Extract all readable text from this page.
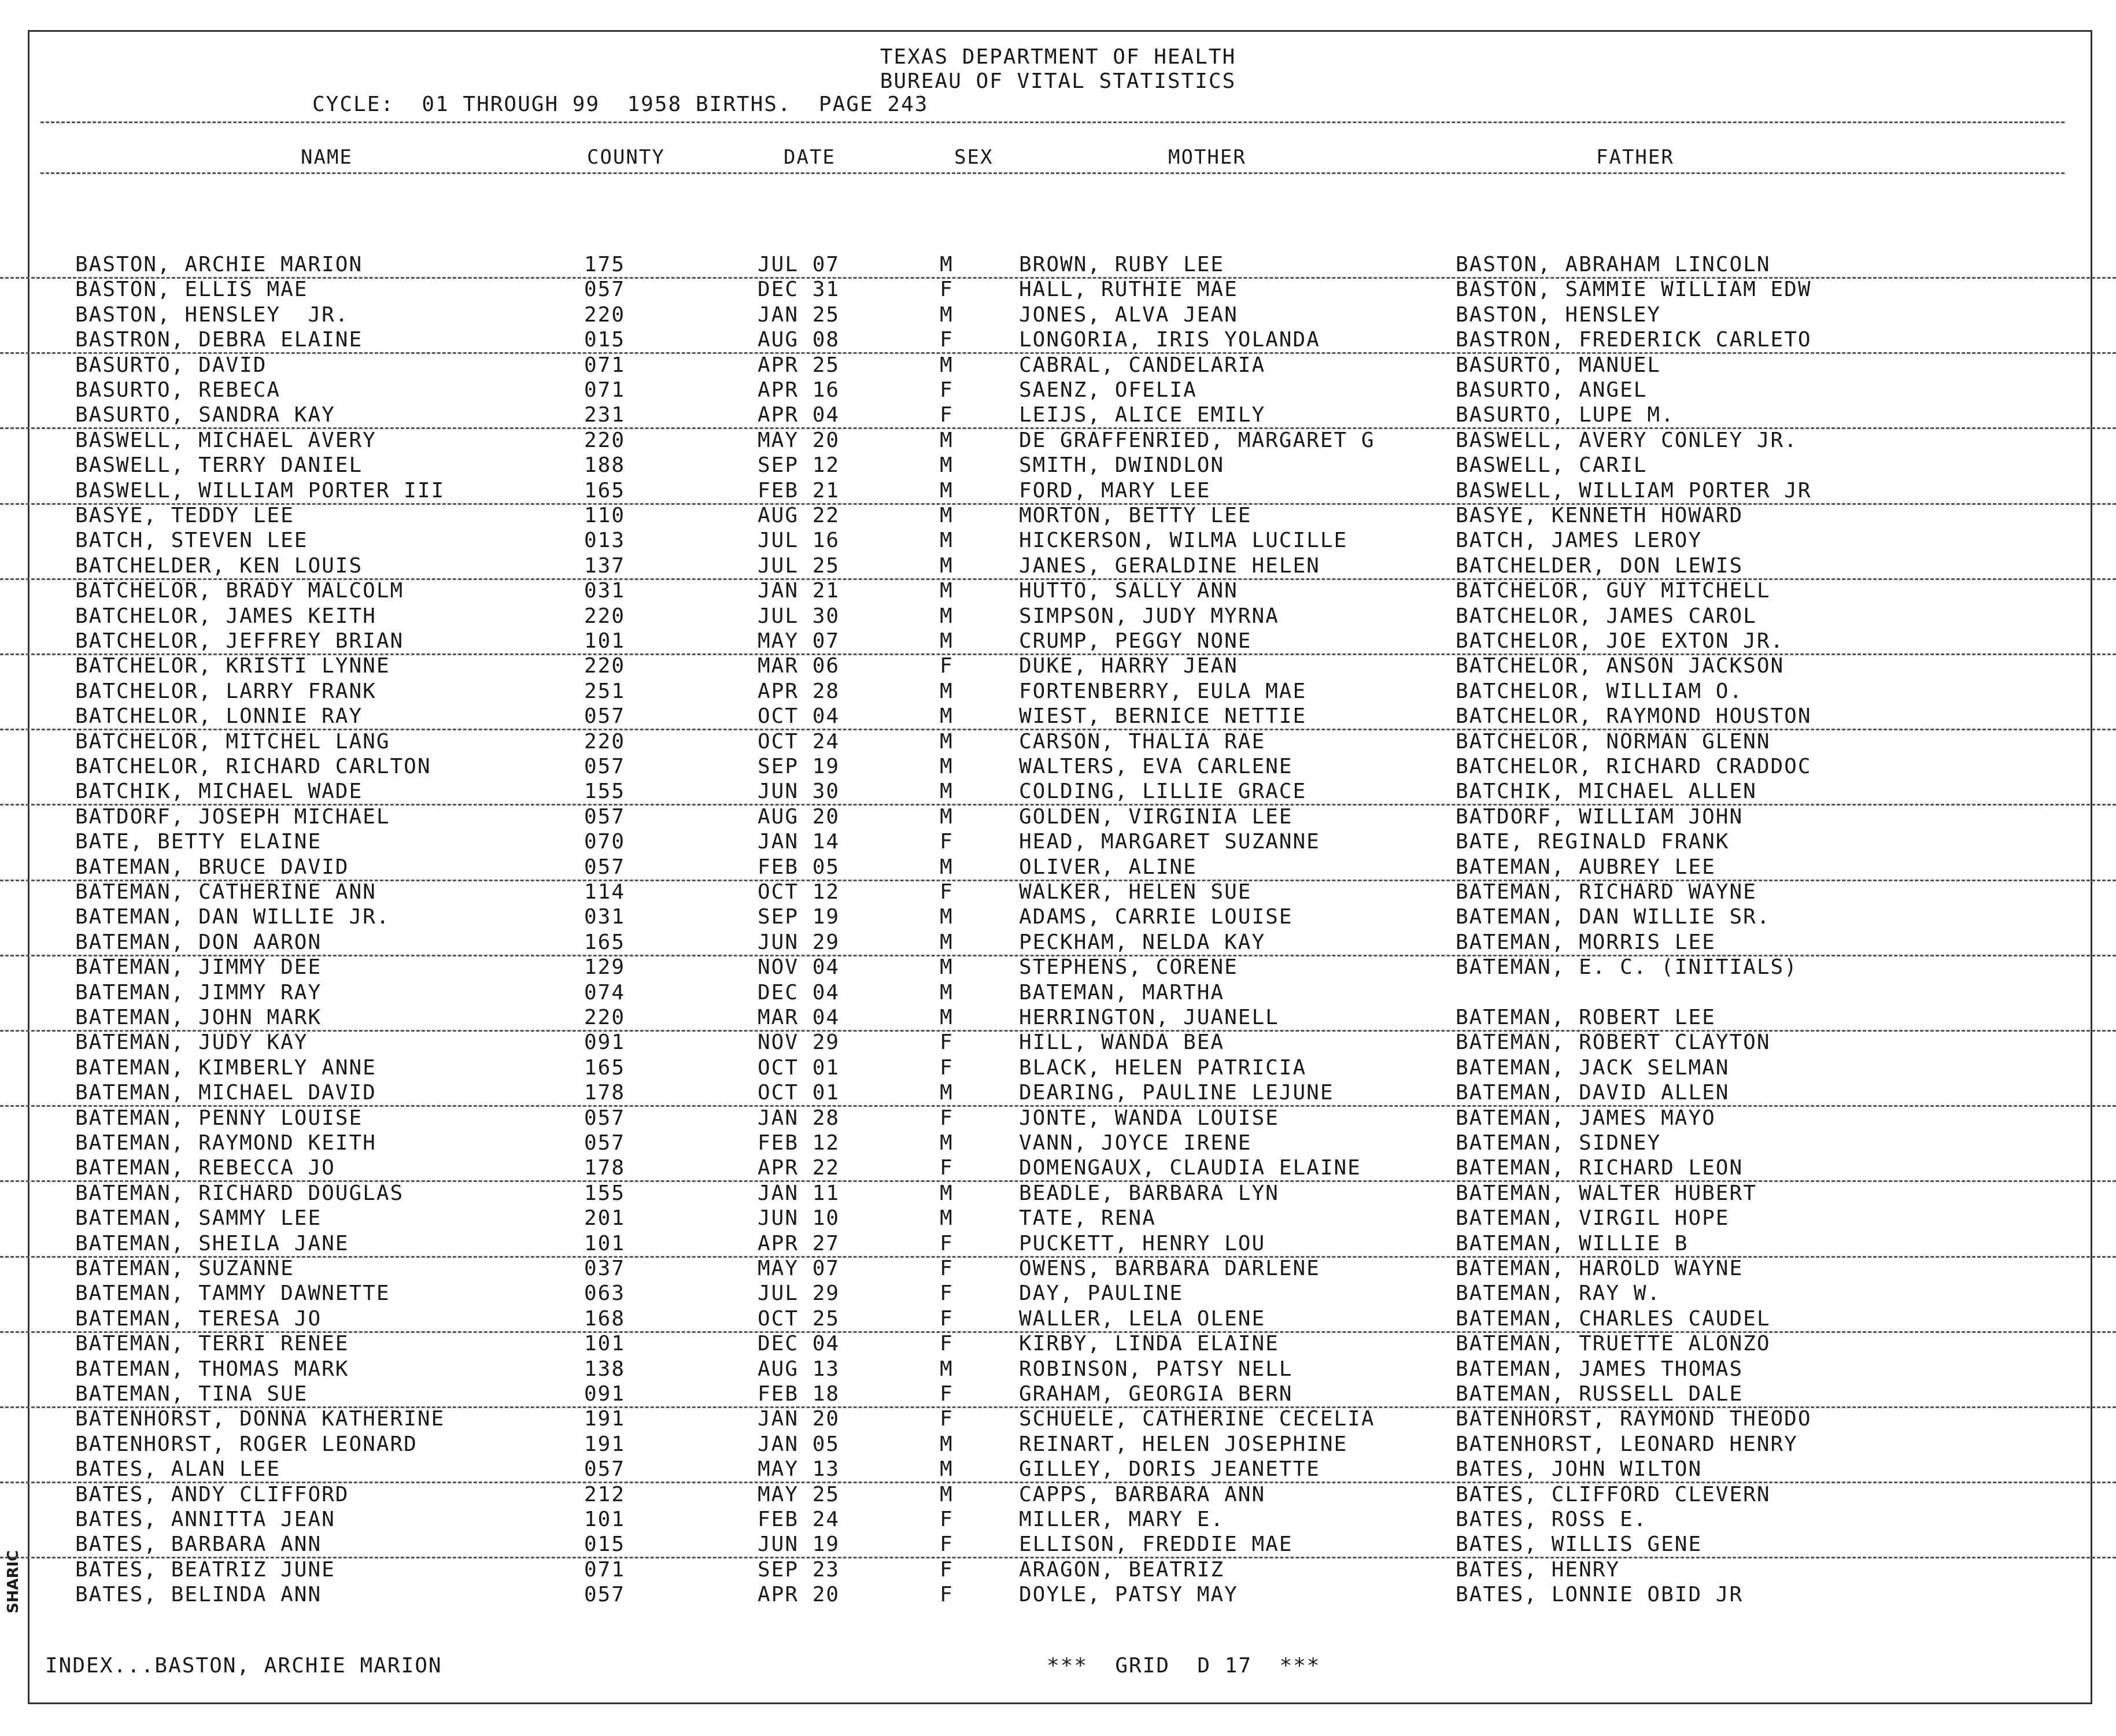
SHARIC
TEXAS DEPARTMENT OF HEALTH
BUREAU OF VITAL STATISTICS
CYCLE:  01 THROUGH 99  1958 BIRTHS.  PAGE 243
NAME	COUNTY	DATE	SEX	MOTHER	FATHER
BASTON, ARCHIE MARION	175	JUL 07	M	BROWN, RUBY LEE	BASTON, ABRAHAM LINCOLN
BASTON, ELLIS MAE	057	DEC 31	F	HALL, RUTHIE MAE	BASTON, SAMMIE WILLIAM EDW
BASTON, HENSLEY  JR.	220	JAN 25	M	JONES, ALVA JEAN	BASTON, HENSLEY
BASTRON, DEBRA ELAINE	015	AUG 08	F	LONGORIA, IRIS YOLANDA	BASTRON, FREDERICK CARLETO
BASURTO, DAVID	071	APR 25	M	CABRAL, CANDELARIA	BASURTO, MANUEL
BASURTO, REBECA	071	APR 16	F	SAENZ, OFELIA	BASURTO, ANGEL
BASURTO, SANDRA KAY	231	APR 04	F	LEIJS, ALICE EMILY	BASURTO, LUPE M.
BASWELL, MICHAEL AVERY	220	MAY 20	M	DE GRAFFENRIED, MARGARET G	BASWELL, AVERY CONLEY JR.
BASWELL, TERRY DANIEL	188	SEP 12	M	SMITH, DWINDLON	BASWELL, CARIL
BASWELL, WILLIAM PORTER III	165	FEB 21	M	FORD, MARY LEE	BASWELL, WILLIAM PORTER JR
BASYE, TEDDY LEE	110	AUG 22	M	MORTON, BETTY LEE	BASYE, KENNETH HOWARD
BATCH, STEVEN LEE	013	JUL 16	M	HICKERSON, WILMA LUCILLE	BATCH, JAMES LEROY
BATCHELDER, KEN LOUIS	137	JUL 25	M	JANES, GERALDINE HELEN	BATCHELDER, DON LEWIS
BATCHELOR, BRADY MALCOLM	031	JAN 21	M	HUTTO, SALLY ANN	BATCHELOR, GUY MITCHELL
BATCHELOR, JAMES KEITH	220	JUL 30	M	SIMPSON, JUDY MYRNA	BATCHELOR, JAMES CAROL
BATCHELOR, JEFFREY BRIAN	101	MAY 07	M	CRUMP, PEGGY NONE	BATCHELOR, JOE EXTON JR.
BATCHELOR, KRISTI LYNNE	220	MAR 06	F	DUKE, HARRY JEAN	BATCHELOR, ANSON JACKSON
BATCHELOR, LARRY FRANK	251	APR 28	M	FORTENBERRY, EULA MAE	BATCHELOR, WILLIAM O.
BATCHELOR, LONNIE RAY	057	OCT 04	M	WIEST, BERNICE NETTIE	BATCHELOR, RAYMOND HOUSTON
BATCHELOR, MITCHEL LANG	220	OCT 24	M	CARSON, THALIA RAE	BATCHELOR, NORMAN GLENN
BATCHELOR, RICHARD CARLTON	057	SEP 19	M	WALTERS, EVA CARLENE	BATCHELOR, RICHARD CRADDOC
BATCHIK, MICHAEL WADE	155	JUN 30	M	COLDING, LILLIE GRACE	BATCHIK, MICHAEL ALLEN
BATDORF, JOSEPH MICHAEL	057	AUG 20	M	GOLDEN, VIRGINIA LEE	BATDORF, WILLIAM JOHN
BATE, BETTY ELAINE	070	JAN 14	F	HEAD, MARGARET SUZANNE	BATE, REGINALD FRANK
BATEMAN, BRUCE DAVID	057	FEB 05	M	OLIVER, ALINE	BATEMAN, AUBREY LEE
BATEMAN, CATHERINE ANN	114	OCT 12	F	WALKER, HELEN SUE	BATEMAN, RICHARD WAYNE
BATEMAN, DAN WILLIE JR.	031	SEP 19	M	ADAMS, CARRIE LOUISE	BATEMAN, DAN WILLIE SR.
BATEMAN, DON AARON	165	JUN 29	M	PECKHAM, NELDA KAY	BATEMAN, MORRIS LEE
BATEMAN, JIMMY DEE	129	NOV 04	M	STEPHENS, CORENE	BATEMAN, E. C. (INITIALS)
BATEMAN, JIMMY RAY	074	DEC 04	M	BATEMAN, MARTHA
BATEMAN, JOHN MARK	220	MAR 04	M	HERRINGTON, JUANELL	BATEMAN, ROBERT LEE
BATEMAN, JUDY KAY	091	NOV 29	F	HILL, WANDA BEA	BATEMAN, ROBERT CLAYTON
BATEMAN, KIMBERLY ANNE	165	OCT 01	F	BLACK, HELEN PATRICIA	BATEMAN, JACK SELMAN
BATEMAN, MICHAEL DAVID	178	OCT 01	M	DEARING, PAULINE LEJUNE	BATEMAN, DAVID ALLEN
BATEMAN, PENNY LOUISE	057	JAN 28	F	JONTE, WANDA LOUISE	BATEMAN, JAMES MAYO
BATEMAN, RAYMOND KEITH	057	FEB 12	M	VANN, JOYCE IRENE	BATEMAN, SIDNEY
BATEMAN, REBECCA JO	178	APR 22	F	DOMENGAUX, CLAUDIA ELAINE	BATEMAN, RICHARD LEON
BATEMAN, RICHARD DOUGLAS	155	JAN 11	M	BEADLE, BARBARA LYN	BATEMAN, WALTER HUBERT
BATEMAN, SAMMY LEE	201	JUN 10	M	TATE, RENA	BATEMAN, VIRGIL HOPE
BATEMAN, SHEILA JANE	101	APR 27	F	PUCKETT, HENRY LOU	BATEMAN, WILLIE B
BATEMAN, SUZANNE	037	MAY 07	F	OWENS, BARBARA DARLENE	BATEMAN, HAROLD WAYNE
BATEMAN, TAMMY DAWNETTE	063	JUL 29	F	DAY, PAULINE	BATEMAN, RAY W.
BATEMAN, TERESA JO	168	OCT 25	F	WALLER, LELA OLENE	BATEMAN, CHARLES CAUDEL
BATEMAN, TERRI RENEE	101	DEC 04	F	KIRBY, LINDA ELAINE	BATEMAN, TRUETTE ALONZO
BATEMAN, THOMAS MARK	138	AUG 13	M	ROBINSON, PATSY NELL	BATEMAN, JAMES THOMAS
BATEMAN, TINA SUE	091	FEB 18	F	GRAHAM, GEORGIA BERN	BATEMAN, RUSSELL DALE
BATENHORST, DONNA KATHERINE	191	JAN 20	F	SCHUELE, CATHERINE CECELIA	BATENHORST, RAYMOND THEODO
BATENHORST, ROGER LEONARD	191	JAN 05	M	REINART, HELEN JOSEPHINE	BATENHORST, LEONARD HENRY
BATES, ALAN LEE	057	MAY 13	M	GILLEY, DORIS JEANETTE	BATES, JOHN WILTON
BATES, ANDY CLIFFORD	212	MAY 25	M	CAPPS, BARBARA ANN	BATES, CLIFFORD CLEVERN
BATES, ANNITTA JEAN	101	FEB 24	F	MILLER, MARY E.	BATES, ROSS E.
BATES, BARBARA ANN	015	JUN 19	F	ELLISON, FREDDIE MAE	BATES, WILLIS GENE
BATES, BEATRIZ JUNE	071	SEP 23	F	ARAGON, BEATRIZ	BATES, HENRY
BATES, BELINDA ANN	057	APR 20	F	DOYLE, PATSY MAY	BATES, LONNIE OBID JR
INDEX...BASTON, ARCHIE MARION	***  GRID  D 17  ***
